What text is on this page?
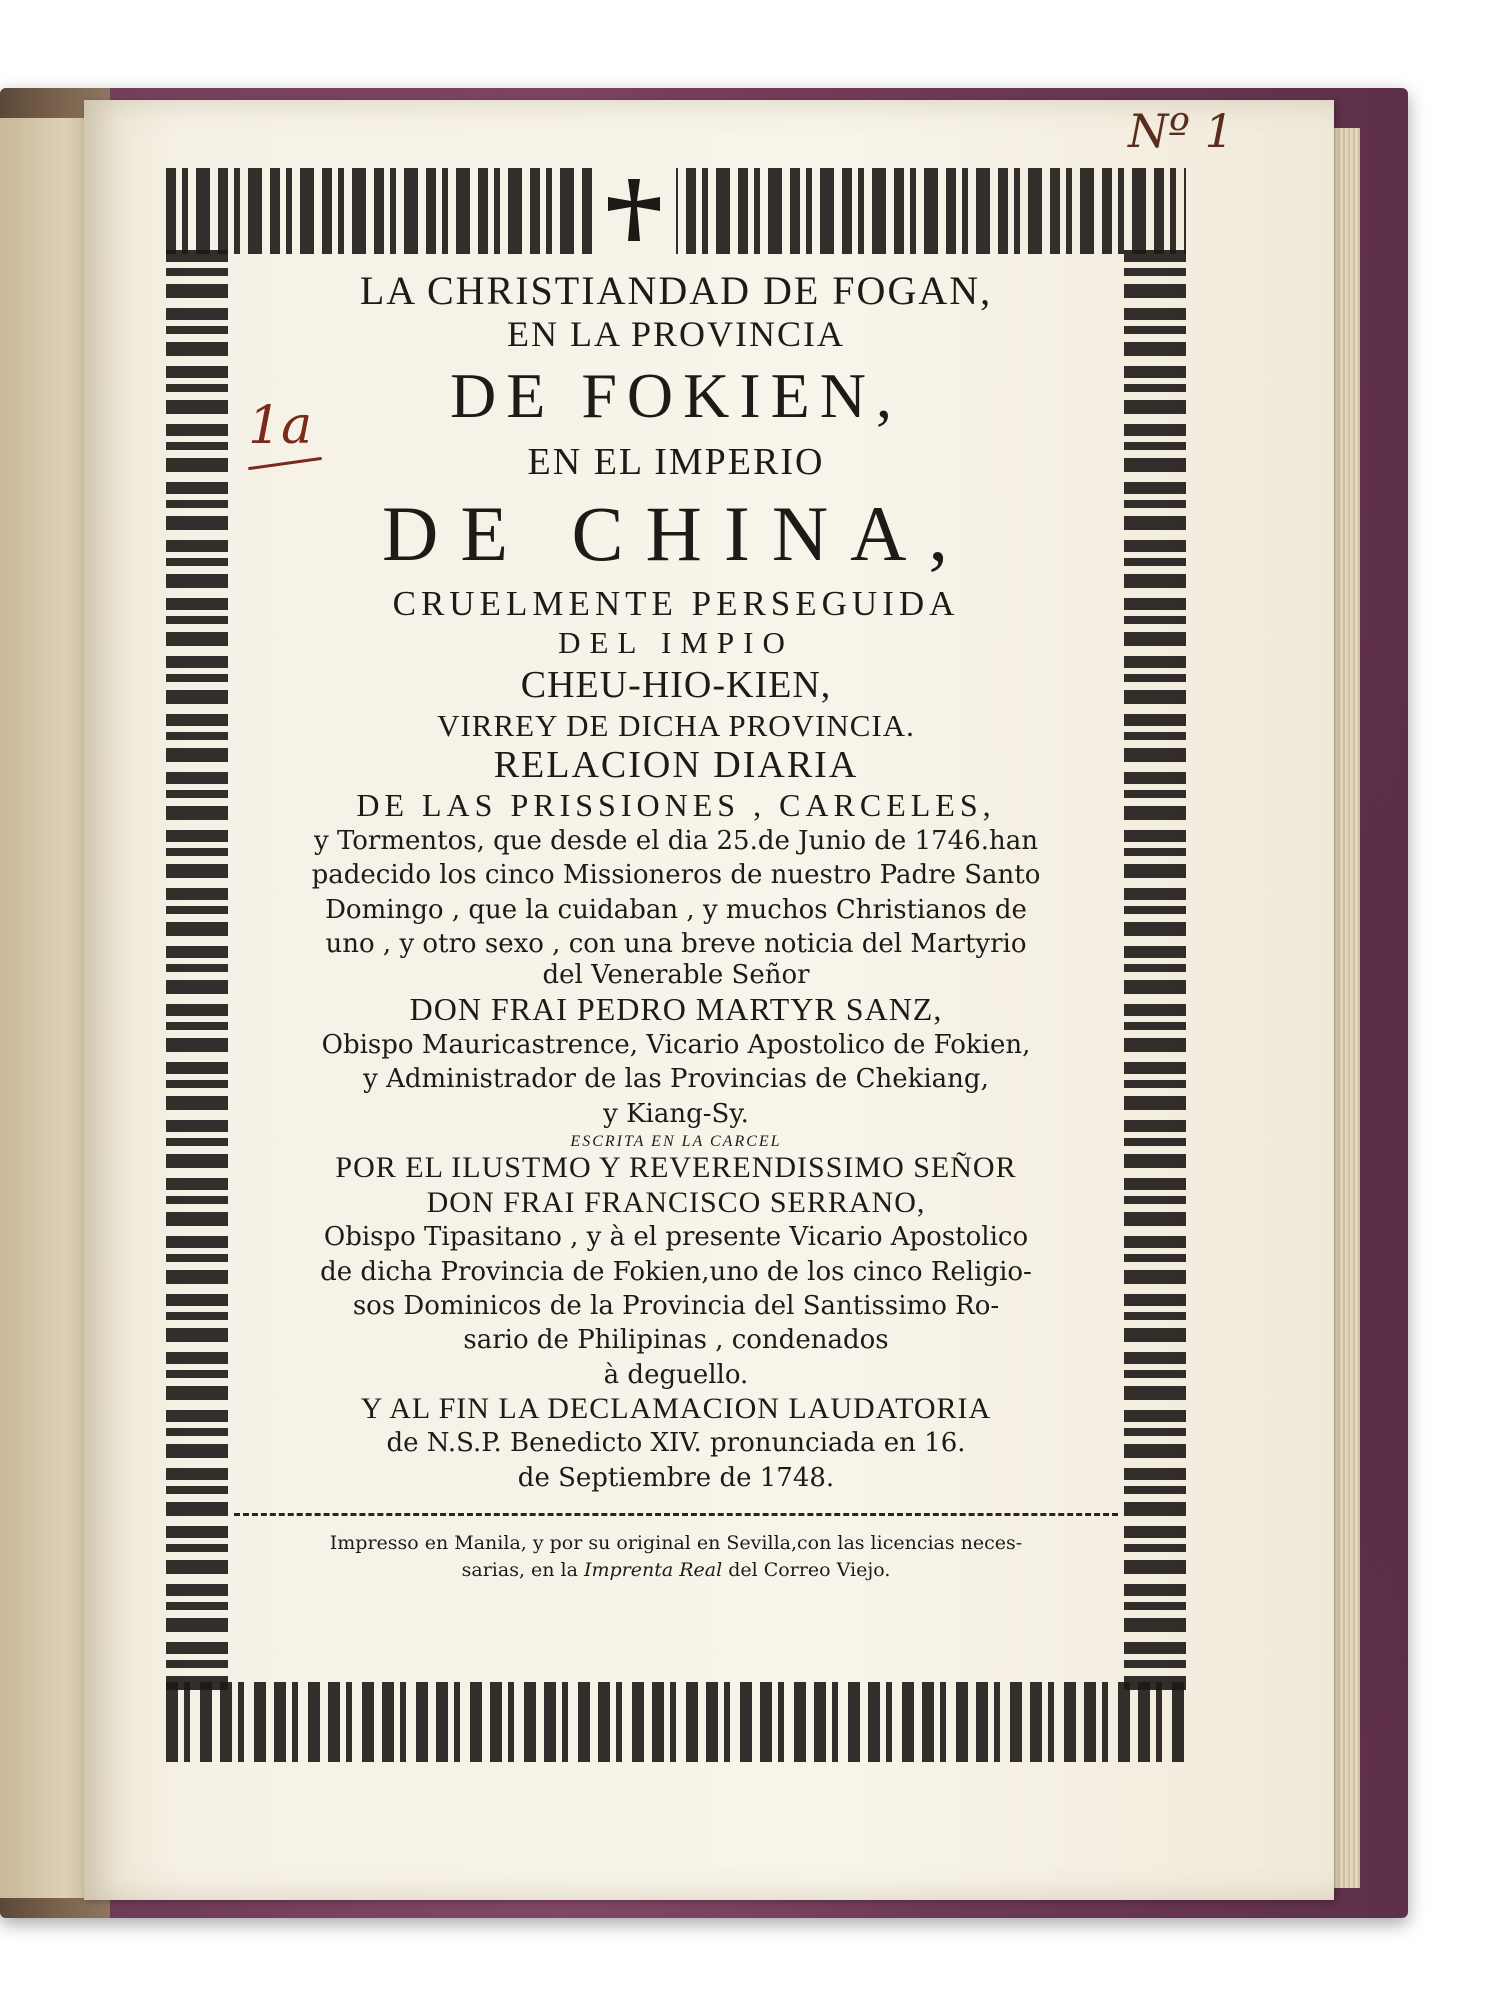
LA CHRISTIANDAD DE FOGAN,
EN LA PROVINCIA
DE FOKIEN,
EN EL IMPERIO
DE CHINA,
CRUELMENTE PERSEGUIDA
DEL IMPIO
CHEU-HIO-KIEN,
VIRREY DE DICHA PROVINCIA.
RELACION DIARIA
DE LAS PRISSIONES , CARCELES,
y Tormentos, que desde el dia 25.de Junio de 1746.han
padecido los cinco Missioneros de nuestro Padre Santo
Domingo , que la cuidaban , y muchos Christianos de
uno , y otro sexo , con una breve noticia del Martyrio
del Venerable Señor
DON FRAI PEDRO MARTYR SANZ,
Obispo Mauricastrence, Vicario Apostolico de Fokien,
y Administrador de las Provincias de Chekiang,
y Kiang-Sy.
ESCRITA EN LA CARCEL
POR EL ILUSTMO Y REVERENDISSIMO SEÑOR
DON FRAI FRANCISCO SERRANO,
Obispo Tipasitano , y à el presente Vicario Apostolico
de dicha Provincia de Fokien,uno de los cinco Religio-
sos Dominicos de la Provincia del Santissimo Ro-
sario de Philipinas , condenados
à deguello.
Y AL FIN LA DECLAMACION LAUDATORIA
de N.S.P. Benedicto XIV. pronunciada en 16.
de Septiembre de 1748.
Impresso en Manila, y por su original en Sevilla,con las licencias neces-
sarias, en la Imprenta Real del Correo Viejo.
Nº 1
1a
